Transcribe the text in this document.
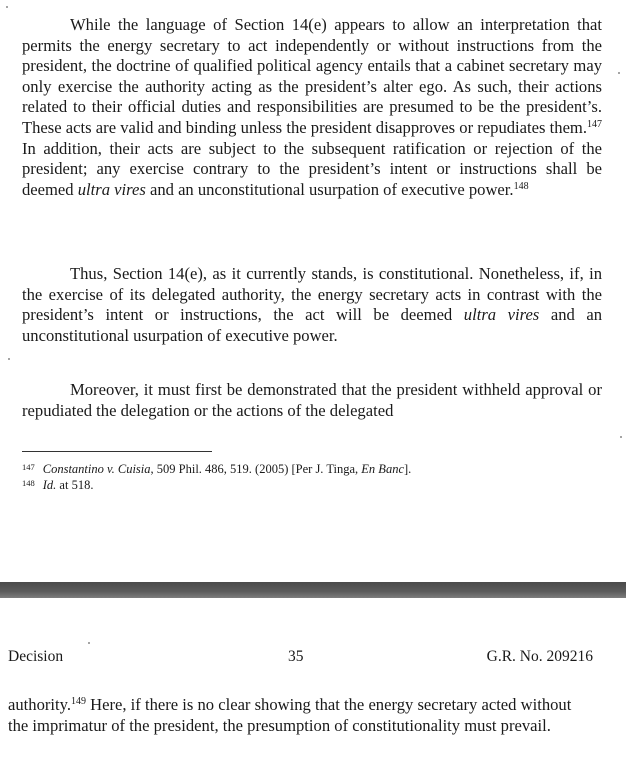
While the language of Section 14(e) appears to allow an interpretation that permits the energy secretary to act independently or without instructions from the president, the doctrine of qualified political agency entails that a cabinet secretary may only exercise the authority acting as the president’s alter ego. As such, their actions related to their official duties and responsibilities are presumed to be the president’s. These acts are valid and binding unless the president disapproves or repudiates them.$^{147}$ In addition, their acts are subject to the subsequent ratification or rejection of the president; any exercise contrary to the president’s intent or instructions shall be deemed ultra vires and an unconstitutional usurpation of executive power.$^{148}$

Thus, Section 14(e), as it currently stands, is constitutional. Nonetheless, if, in the exercise of its delegated authority, the energy secretary acts in contrast with the president’s intent or instructions, the act will be deemed ultra vires and an unconstitutional usurpation of executive power.

Moreover, it must first be demonstrated that the president withheld approval or repudiated the delegation or the actions of the delegated

$^{147}$ Constantino v. Cuisia, 509 Phil. 486, 519. (2005) [Per J. Tinga, En Banc].
$^{148}$ Id. at 518.
Decision	35	G.R. No. 209216

authority.$^{149}$ Here, if there is no clear showing that the energy secretary acted without the imprimatur of the president, the presumption of constitutionality must prevail.
